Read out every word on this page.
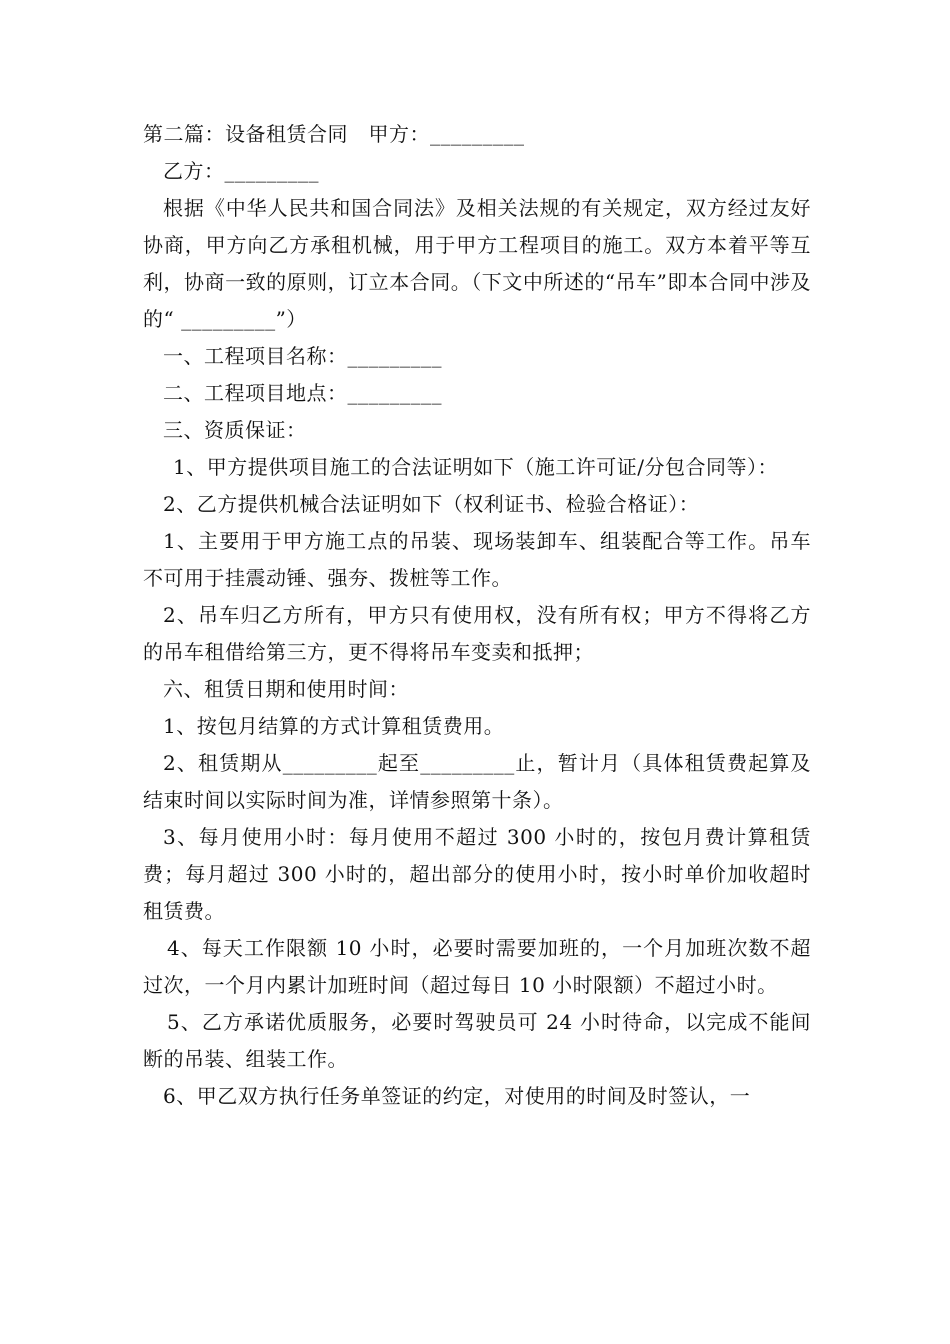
第二篇：设备租赁合同　甲方：_________

乙方：_________

根据《中华人民共和国合同法》及相关法规的有关规定，双方经过友好协商，甲方向乙方承租机械，用于甲方工程项目的施工。双方本着平等互利，协商一致的原则，订立本合同。（下文中所述的“吊车”即本合同中涉及的“ _________”）

一、工程项目名称：_________

二、工程项目地点：_________

三、资质保证：

1、甲方提供项目施工的合法证明如下（施工许可证/分包合同等）：

2、乙方提供机械合法证明如下（权利证书、检验合格证）：

1、主要用于甲方施工点的吊装、现场装卸车、组装配合等工作。吊车不可用于挂震动锤、强夯、拨桩等工作。

2、吊车归乙方所有，甲方只有使用权，没有所有权；甲方不得将乙方的吊车租借给第三方，更不得将吊车变卖和抵押；

六、租赁日期和使用时间：

1、按包月结算的方式计算租赁费用。

2、租赁期从_________起至_________止，暂计月（具体租赁费起算及结束时间以实际时间为准，详情参照第十条）。

3、每月使用小时：每月使用不超过 300 小时的，按包月费计算租赁费；每月超过 300 小时的，超出部分的使用小时，按小时单价加收超时租赁费。

4、每天工作限额 10 小时，必要时需要加班的，一个月加班次数不超过次，一个月内累计加班时间（超过每日 10 小时限额）不超过小时。

5、乙方承诺优质服务，必要时驾驶员可 24 小时待命，以完成不能间断的吊装、组装工作。

6、甲乙双方执行任务单签证的约定，对使用的时间及时签认，一
